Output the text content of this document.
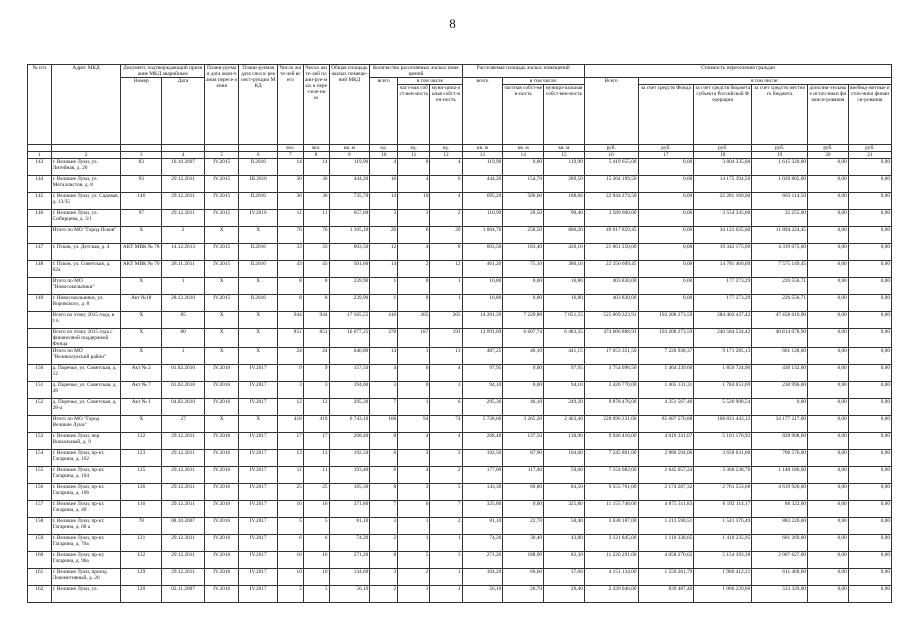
8
№ п/п	Адрес МКД	Документ, подтверждающий признание МКД аварийным		Плани-руемая дата окон-чания пересе-ления	Плани-руемая дата сноса/ реконст-рукции МКД	Число жите-лей всего	Число жите-лей плани-руе-мых к пере-селе-нию	Общая площадь жилых помеще-ний МКД	Количество расселяемых жилых помещений			Расселяемая площадь жилых помещений			Стоимость переселения граждан					
		Номер	Дата						всего	в том числе		всего	в том числе:		Всего	в том числе:				
										част-ная собст-вен-ность	муни-ципа-льная собст-вен-ность		частная собст-вен-ность	муници-пальная собст-вен-ность		за счет средств Фонда	за счет средств бюджета субъекта Российской Федерации	за счет средств местного бюджета	дополни-тельные источ-ники финанси-рования	внебюд-жетные источ-ники финанси-рования
						чел.	чел.	кв. м	ед.	ед.	ед.	кв. м	кв. м	кв. м	руб.	руб.	руб.	руб.	руб.	руб.
1	2	3	4	5	6	7	8	9	10	11	12	13	14	15	16	17	18	19	20	21
143	г. Великие Луки, ул. Литейная, д. 20	83	10.10.2007	IV.2015	II.2016	14	14	119,90	4	0	4	119,90	0,00	119,90	5 419 655,00	0,00	3 804 335,00	1 615 320,00	0,00	0,00
144	г. Великие Луки, ул. Металлистов, д. 8	93	29.12.2011	IV.2015	III.2016	30	30	444,20	10	4	6	444,20	154,70	289,50	15 204 199,50	0,00	14 175 394,50	1 028 805,00	0,00	0,00
145	г. Великие Луки, ул. Садовая, д. 13/35	146	29.12.2011	IV.2015	II.2016	36	36	735,70	14	10	4	695,20	506,60	188,60	22 944 274,50	0,00	22 281 160,00	663 114,50	0,00	0,00
146	г. Великие Луки, ул. Сибирцева, д. 3/1	97	29.12.2011	IV.2015	IV.2016	11	11	657,60	3	1	2	110,90	20,50	90,40	3 589 600,00	0,00	3 554 345,00	35 255,00	0,00	0,00
	Итого по МО "Город Псков"	X	2	X	X	76	76	1 105,10	26	6	20	1 064,70	258,50	806,20	49 017 859,45	0,00	34 123 635,00	11 894 224,45	0,00	0,00
147	г. Псков, ул. Детская, д. 4	АКТ МВК № 78	14.12.2013	IV.2015	II.2016	33	33	603,50	12	4	8	603,50	183,40	420,10	21 661 250,00	0,00	19 342 175,00	4 319 075,00	0,00	0,00
148	г. Псков, ул. Советская, д. 62а	АКТ МВК № 70	28.11.2011	IV.2015	II.2016	43	43	501,60	14	2	12	461,20	75,10	386,10	22 356 609,45	0,00	14 781 460,00	7 575 149,45	0,00	0,00
	Итого по МО "Новосокольники"	X	1	X	X	8	8	239,90	1	0	1	16,80	0,00	16,80	403 830,00	0,00	177 273,29	226 556,71	0,00	0,00
149	г. Новосокольники, ул. Воровского, д. 8	Акт №18	28.12.2010	IV.2015	II.2016	8	8	239,90	1	0	1	16,80	0,00	16,80	403 830,00	0,00	177 273,29	226 556,71	0,00	0,00
	Всего по этапу 2015 года, в т.ч.	X	85	X	X	944	944	17 565,55	410	205	205	14 281,39	7 229,88	7 051,55	525 069 323,91	193 208 273,59	284 402 437,42	47 458 610,90	0,00	0,00
	Всего по этапу 2015 года с финансовой поддержкой Фонда	X	80	X	X	851	851	16 077,25	378	187	191	13 091,09	6 607,74	6 483,35	474 606 888,91	193 208 273,59	240 584 534,42	40 814 078,90	0,00	0,00
	Итого по МО "Великолукский район"	X	1	X	X	24	24	646,80	14	1	13	487,25	46,10	441,15	17 053 351,50	7 220 938,37	9 171 285,13	661 128,00	0,00	0,00
150	д. Поречье, ул. Советская, д. 12	Акт № 2	01.02.2010	IV.2016	IV.2017	9	9	157,50	4	0	4	97,95	0,00	97,95	3 754 096,50	1 464 239,60	1 859 724,90	430 132,00	0,00	0,00
151	д. Поречье, ул. Советская, д. 28	Акт № 7	01.02.2010	IV.2016	IV.2017	3	3	194,00	3	0	3	94,10	0,00	94,10	3 420 770,00	1 405 131,31	1 784 651,69	230 996,00	0,00	0,00
152	д. Поречье, ул. Советская, д. 28-а	Акт № 1	04.02.2010	IV.2016	IV.2017	12	12	295,30	7	1	6	295,30	46,10	249,20	9 878 476,00	4 351 567,46	5 526 908,54	0,00	0,00	0,00
	Итого по МО "Город Великие Луки"	X	27	X	X	418	418	6 743,10	168	94	74	5 728,60	3 265,20	2 463,40	228 696 231,00	85 687 570,88	108 831 443,12	34 177 217,00	0,00	0,00
153	г. Великие Луки, пер. Вокзальный, д. 9	122	29.12.2011	IV.2016	IV.2017	17	17	268,40	8	4	4	268,40	137,50	130,90	9 946 416,00	4 016 331,07	5 101 176,93	828 908,00	0,00	0,00
154	г. Великие Луки, пр-кт. Гагарина, д. 102	123	29.12.2011	IV.2016	IV.2017	13	13	192,50	6	3	3	192,50	87,90	104,60	7 245 801,00	2 880 594,00	3 658 631,00	706 576,00	0,00	0,00
155	г. Великие Луки, пр-кт. Гагарина, д. 104	125	29.12.2011	IV.2016	IV.2017	11	11	193,40	6	4	2	177,00	117,40	59,60	7 154 082,00	2 645 057,24	3 360 238,76	1 148 186,00	0,00	0,00
156	г. Великие Луки, пр-кт. Гагарина, д. 106	126	29.12.2011	IV.2016	IV.2017	25	25	165,30	8	3	5	143,30	60,80	84,50	9 555 761,00	2 174 287,32	2 761 553,68	4 619 920,00	0,00	0,00
157	г. Великие Луки, пр-кт. Гагарина, д. 49	116	29.12.2011	IV.2016	IV.2017	16	16	371,80	7	0	7	325,80	0,00	325,80	11 155 748,00	4 875 311,83	6 192 114,17	88 322,00	0,00	0,00
158	г. Великие Луки, пр-кт. Гагарина, д. 68 а	78	08.10.2007	IV.2016	IV.2017	5	5	81,10	3	1	2	81,10	22,70	58,40	3 638 187,00	1 213 590,51	1 541 376,49	883 220,00	0,00	0,00
159	г. Великие Луки, пр-кт. Гагарина, д. 70а	121	29.12.2011	IV.2016	IV.2017	6	6	74,20	2	1	1	74,20	30,40	43,80	3 121 845,00	1 110 338,05	1 410 235,95	601 269,00	0,00	0,00
160	г. Великие Луки, пр-кт. Гагарина, д. 96а	132	29.12.2011	IV.2016	IV.2017	16	16	271,20	8	5	3	271,20	188,90	82,30	11 220 291,00	4 058 270,62	5 154 393,38	2 007 627,00	0,00	0,00
161	г. Великие Луки, проезд Локомотивный, д. 20	129	29.12.2011	IV.2016	IV.2017	10	10	134,60	3	2	1	104,20	66,60	37,60	4 151 134,00	1 559 261,79	1 980 412,21	611 460,00	0,00	0,00
162	г. Великие Луки, ул.	120	02.11.2007	IV.2016	IV.2017	5	5	56,10	2	1	1	56,10	26,70	29,40	2 439 046,00	839 487,40	1 066 229,60	533 329,00	0,00	0,00
